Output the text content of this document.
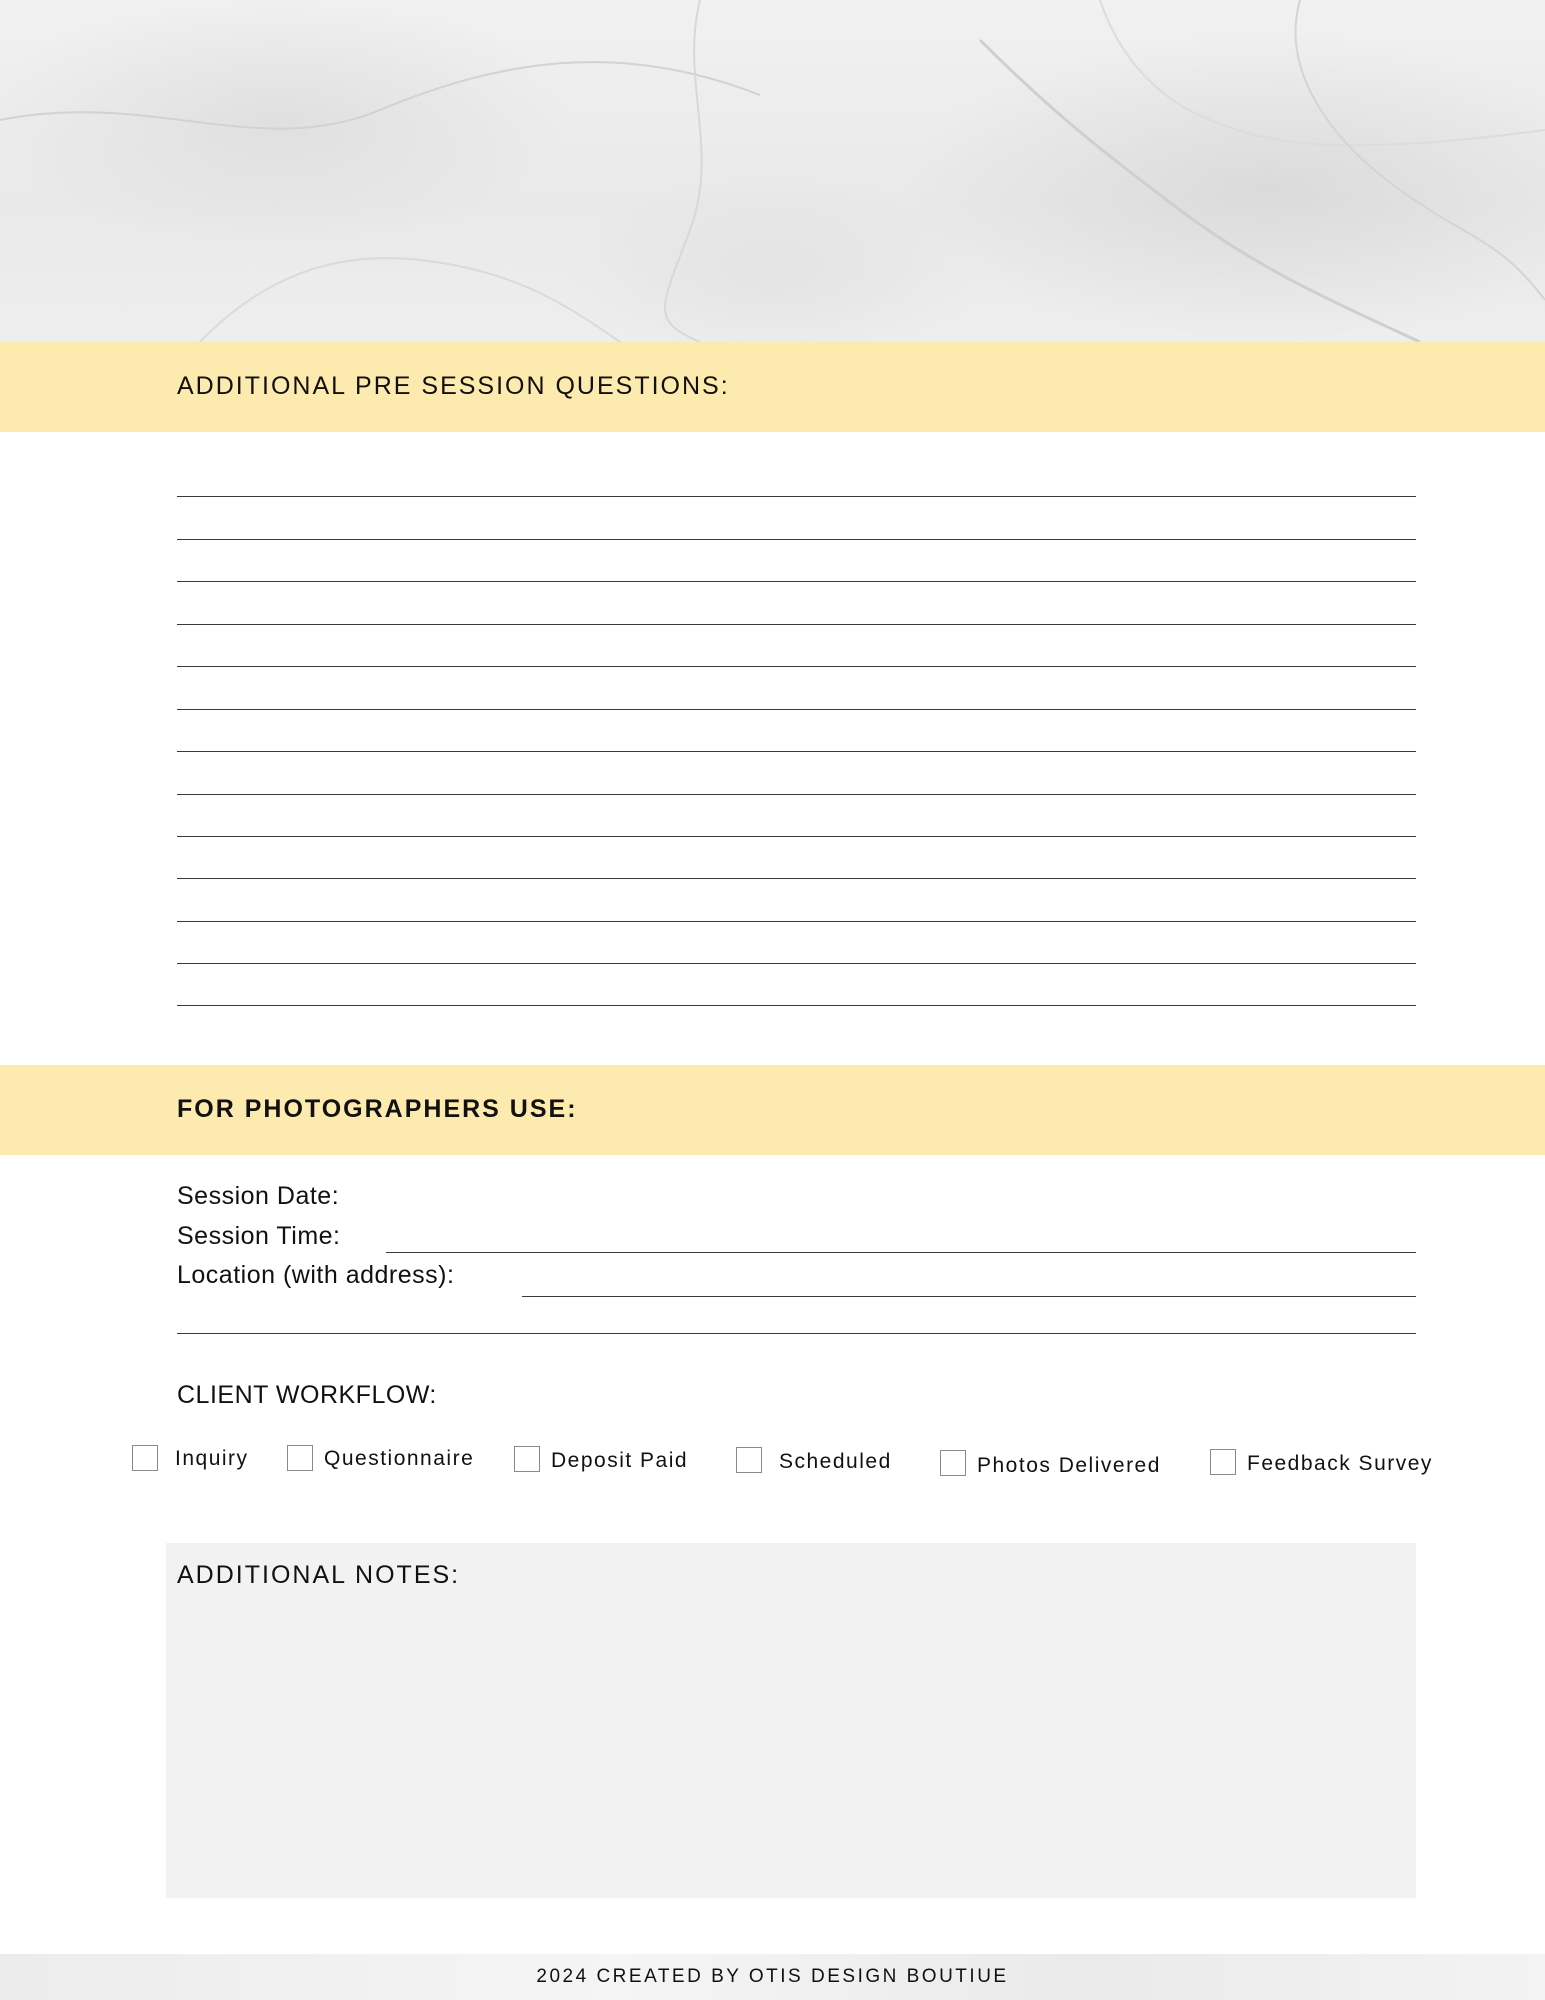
ADDITIONAL PRE SESSION QUESTIONS:
FOR PHOTOGRAPHERS USE:
Session Date:
Session Time:
Location (with address):
CLIENT WORKFLOW:
Inquiry	Questionnaire	Deposit Paid	Scheduled	Photos Delivered	Feedback Survey
ADDITIONAL NOTES:
2024 CREATED BY OTIS DESIGN BOUTIUE
